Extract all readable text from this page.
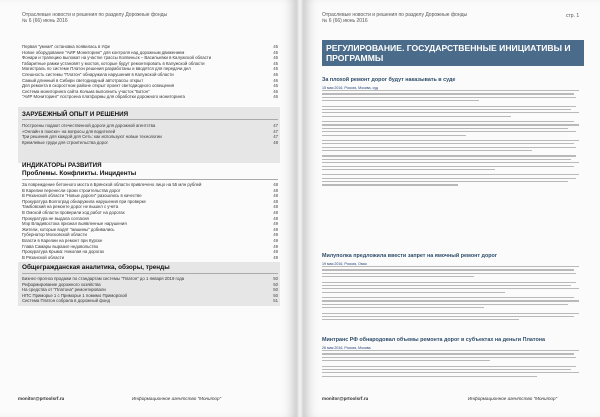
Отраслевые новости и решения по разделу Дорожные фонды
№ 6 (66) июнь 2016
Первая "умная" остановка появилась в Уфе	45
Новое оборудование "АИР Мониторинг" для контроля над дорожным движением	45
Фонари и трапецию выложат на участке трассы Колвеньск – Васильевки в Калужской области	45
Габаритные рамки установят у мостов, которые будут ремонтировать в Калужской области	45
Магистраль по системе Платон решения разработаны и вводятся для передачи дел	45
Спешность системы "Платон" обнаружила нарушения в Калужской области	46
Самый длинный в Сибири светодиодный автотрассы открыт	46
Для ремонта в скоростном районе открыт проект светодиодного освещения	46
Система мониторинга сайта Кольма выполнить участок "Батон"	46
"АИР Мониторинг" построена платформы для обработки дорожного мониторинга	46
ЗАРУБЕЖНЫЙ ОПЫТ И РЕШЕНИЯ
Построены подают отечественной дороги для дорожной агентства	47
«Онлайн в поиске» на вопросы для водителей	47
Три решения для каждой для Сеть: как используют новые технологии	47
Кремлевые груди для строительства дорог	48
ИНДИКАТОРЫ РАЗВИТИЯ
Проблемы. Конфликты. Инциденты
За повреждение бетонного моста в Брянской области привлечено лицо на 55 млн рублей	48
В Карелии перенесли сроки строительства дорог	48
В Рязанской области "Новые дороги" разошлись в качестве	48
Прокуратура Волгоград обнаружила нарушения при проверке	48
Тамбовский на ремонте дорог не вышел с учета	48
В Омской области проверили ход работ на дорогах	48
Прокуратура не выдала согласия	48
Мэр Владивостока признал выявленные нарушения	49
Жители, которые водят "машины" добивались	49
Губернатор Московской области	49
Власти в Карелии на ремонт при Курске	49
Глава Самары выразил недовольство	49
Прокуратура Крыма: Николая на дорогах	49
В Рязанской области	49
Общегражданская аналитика, обзоры, тренды
Бизнес-прогноз продажи по стандартам системы "Платон" до 1 января 2019 года	50
Реформирование дорожного хозяйства	50
На средства от "Платона" ремонтировали	50
НПС Приморье 1 с Приморье 1 помимо Приморской	50
Система Платон собрала в дорожный фонд	51
monitor@prtoolsrf.ru	Информационное агентство "Монитор"
Отраслевые новости и решения по разделу Дорожные фонды
№ 6 (66) июнь 2016
стр. 1
РЕГУЛИРОВАНИЕ. ГОСУДАРСТВЕННЫЕ ИНИЦИАТИВЫ И ПРОГРАММЫ
За плохой ремонт дорог будут наказывать в суде
15 мая 2016, Россия, Москва, суд
Милуполка предложила ввести запрет на ямочный ремонт дорог
19 мая 2016, Россия, Омск
Минтранс РФ обнародовал объемы ремонта дорог в субъектах на деньги Платона
26 мая 2016, Россия, Москва
monitor@prtoolsrf.ru	Информационное агентство "Монитор"
